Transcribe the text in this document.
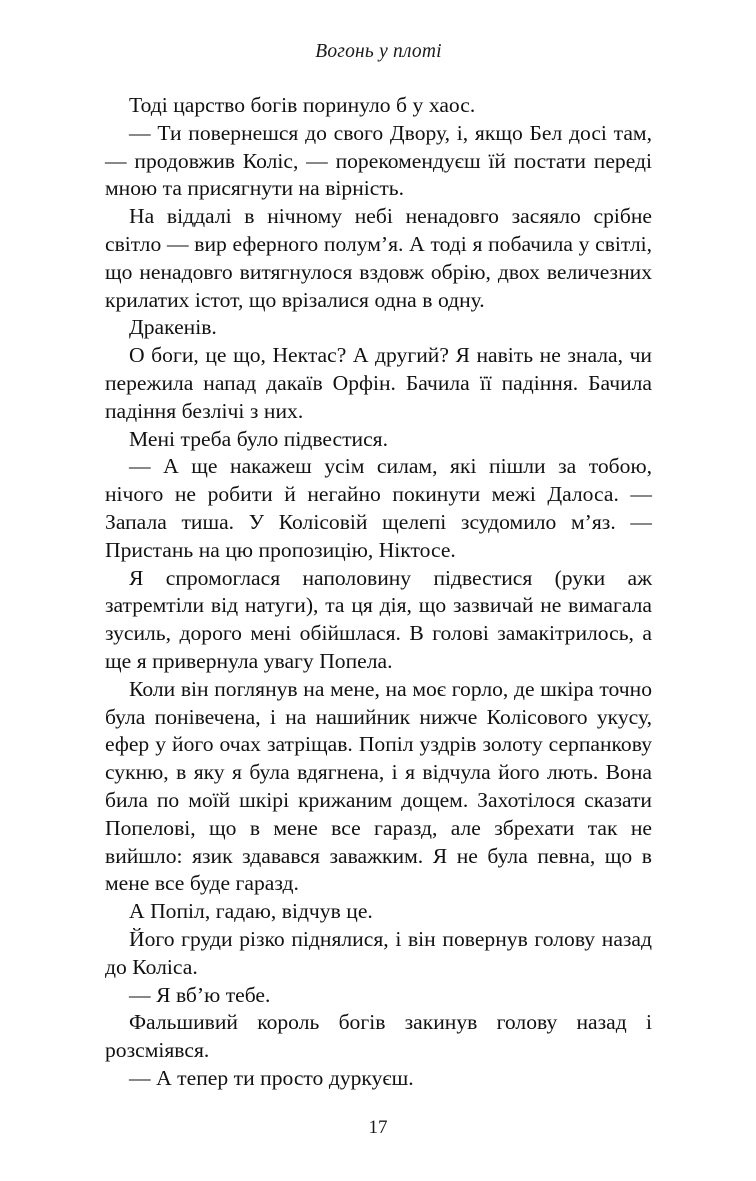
Вогонь у плоті

Тоді царство богів поринуло б у хаос.

— Ти повернешся до свого Двору, і, якщо Бел досі там, — продовжив Коліс, — порекомендуєш їй постати переді мною та присягнути на вірність.

На віддалі в нічному небі ненадовго засяяло срібне світло — вир еферного полум’я. А тоді я побачила у світлі, що ненадовго витягнулося вздовж обрію, двох величезних крилатих істот, що врізалися одна в одну.

Дракенів.

О боги, це що, Нектас? А другий? Я навіть не знала, чи пережила напад дакаїв Орфін. Бачила її падіння. Бачила падіння безлічі з них.

Мені треба було підвестися.

— А ще накажеш усім силам, які пішли за тобою, нічого не робити й негайно покинути межі Далоса. — Запала тиша. У Колісовій щелепі зсудомило м’яз. — Пристань на цю пропозицію, Ніктосе.

Я спромоглася наполовину підвестися (руки аж затремтіли від натуги), та ця дія, що зазвичай не вимагала зусиль, дорого мені обійшлася. В голові замакітрилось, а ще я привернула увагу Попела.

Коли він поглянув на мене, на моє горло, де шкіра точно була понівечена, і на нашийник нижче Колісового укусу, ефер у його очах затріщав. Попіл уздрів золоту серпанкову сукню, в яку я була вдягнена, і я відчула його лють. Вона била по моїй шкірі крижаним дощем. Захотілося сказати Попелові, що в мене все гаразд, але збрехати так не вийшло: язик здавався заважким. Я не була певна, що в мене все буде гаразд.

А Попіл, гадаю, відчув це.

Його груди різко піднялися, і він повернув голову назад до Коліса.

— Я вб’ю тебе.

Фальшивий король богів закинув голову назад і розсміявся.

— А тепер ти просто дуркуєш.

17
